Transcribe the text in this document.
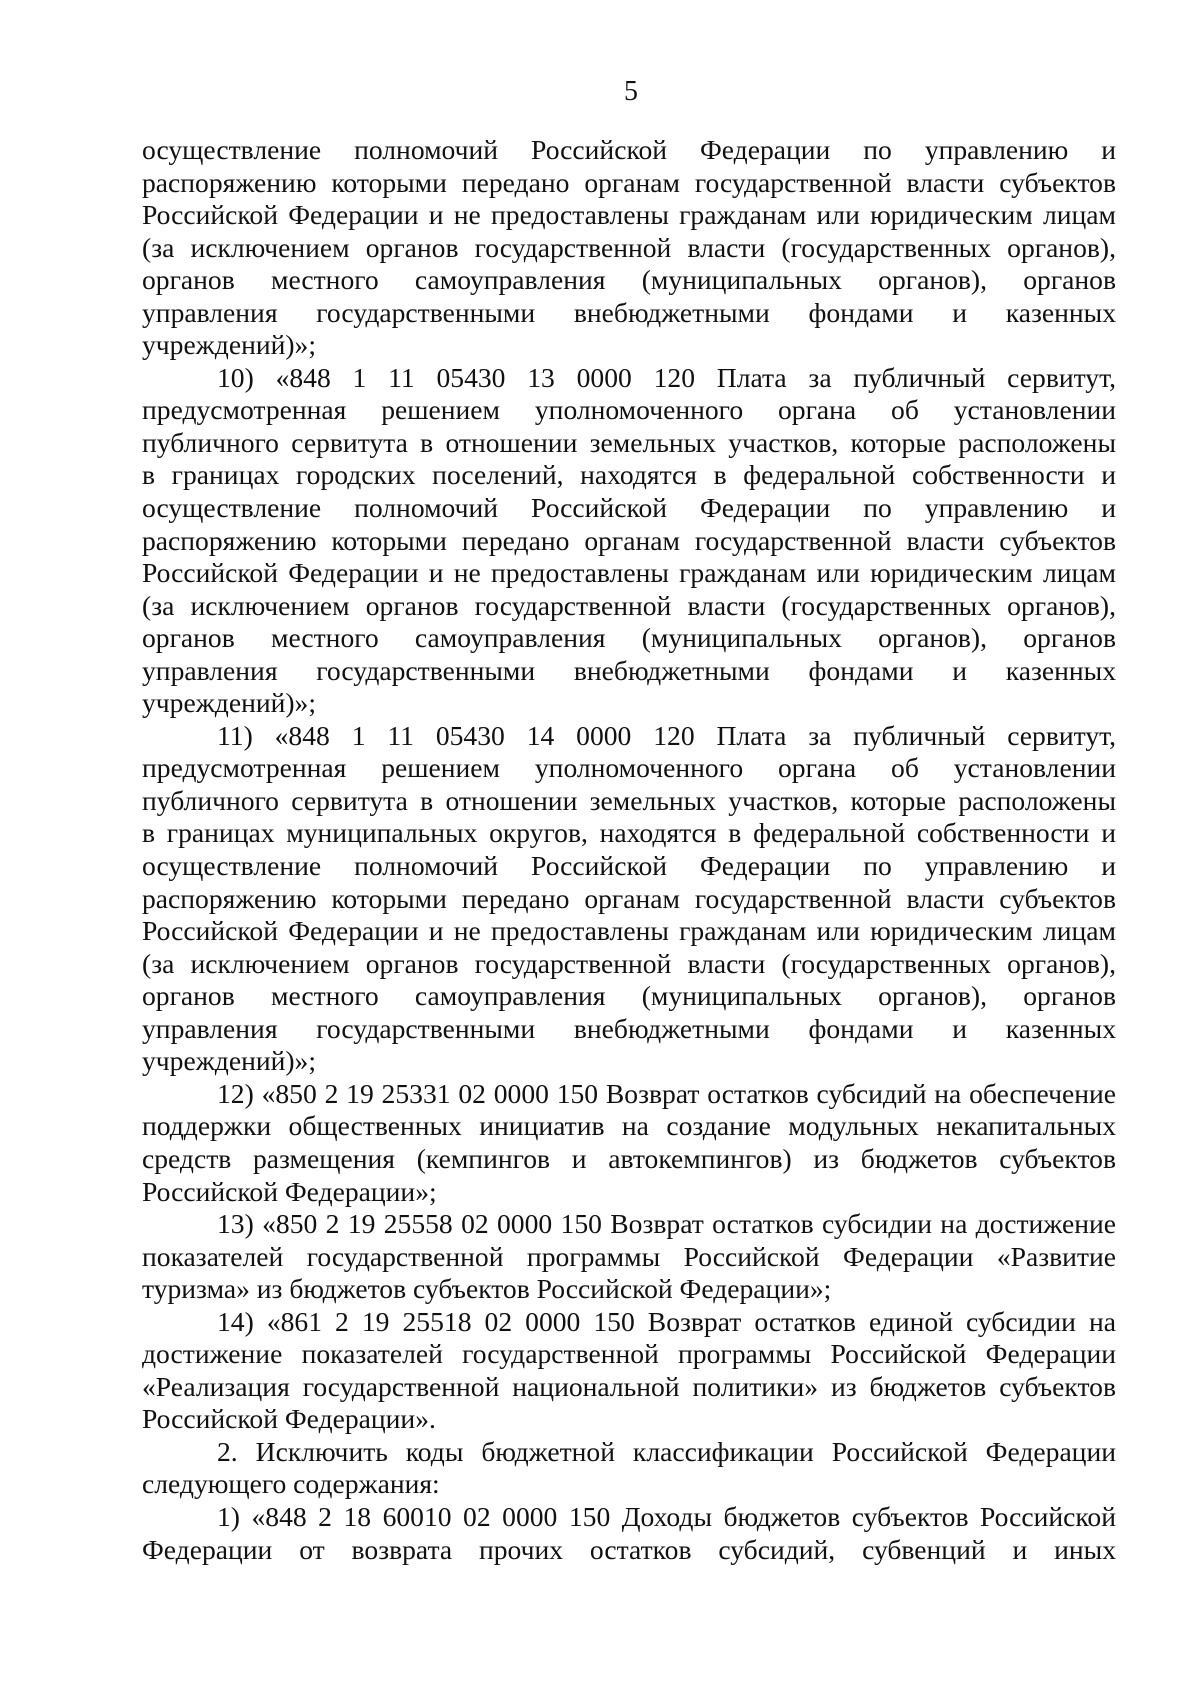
5
осуществление полномочий Российской Федерации по управлению и
распоряжению которыми передано органам государственной власти субъектов
Российской Федерации и не предоставлены гражданам или юридическим лицам
(за исключением органов государственной власти (государственных органов),
органов местного самоуправления (муниципальных органов), органов
управления государственными внебюджетными фондами и казенных
учреждений)»;
10) «848 1 11 05430 13 0000 120 Плата за публичный сервитут,
предусмотренная решением уполномоченного органа об установлении
публичного сервитута в отношении земельных участков, которые расположены
в границах городских поселений, находятся в федеральной собственности и
осуществление полномочий Российской Федерации по управлению и
распоряжению которыми передано органам государственной власти субъектов
Российской Федерации и не предоставлены гражданам или юридическим лицам
(за исключением органов государственной власти (государственных органов),
органов местного самоуправления (муниципальных органов), органов
управления государственными внебюджетными фондами и казенных
учреждений)»;
11) «848 1 11 05430 14 0000 120 Плата за публичный сервитут,
предусмотренная решением уполномоченного органа об установлении
публичного сервитута в отношении земельных участков, которые расположены
в границах муниципальных округов, находятся в федеральной собственности и
осуществление полномочий Российской Федерации по управлению и
распоряжению которыми передано органам государственной власти субъектов
Российской Федерации и не предоставлены гражданам или юридическим лицам
(за исключением органов государственной власти (государственных органов),
органов местного самоуправления (муниципальных органов), органов
управления государственными внебюджетными фондами и казенных
учреждений)»;
12) «850 2 19 25331 02 0000 150 Возврат остатков субсидий на обеспечение
поддержки общественных инициатив на создание модульных некапитальных
средств размещения (кемпингов и автокемпингов) из бюджетов субъектов
Российской Федерации»;
13) «850 2 19 25558 02 0000 150 Возврат остатков субсидии на достижение
показателей государственной программы Российской Федерации «Развитие
туризма» из бюджетов субъектов Российской Федерации»;
14) «861 2 19 25518 02 0000 150 Возврат остатков единой субсидии на
достижение показателей государственной программы Российской Федерации
«Реализация государственной национальной политики» из бюджетов субъектов
Российской Федерации».
2. Исключить коды бюджетной классификации Российской Федерации
следующего содержания:
1) «848 2 18 60010 02 0000 150 Доходы бюджетов субъектов Российской
Федерации от возврата прочих остатков субсидий, субвенций и иных
